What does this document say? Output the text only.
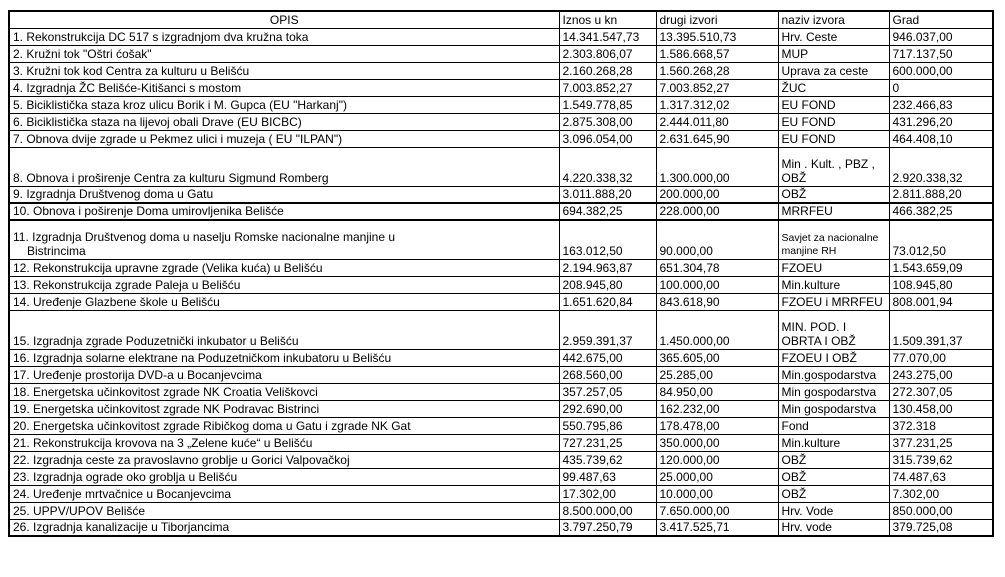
OPIS	Iznos u kn	drugi izvori	naziv izvora	Grad
1. Rekonstrukcija DC 517 s izgradnjom dva kružna toka	14.341.547,73	13.395.510,73	Hrv. Ceste	946.037,00
2. Kružni tok "Oštri ćošak"	2.303.806,07	1.586.668,57	MUP	717.137,50
3. Kružni tok kod Centra za kulturu u Belišću	2.160.268,28	1.560.268,28	Uprava za ceste	600.000,00
4. Izgradnja ŽC Belišće-Kitišanci s mostom	7.003.852,27	7.003.852,27	ŽUC	0
5. Biciklistička staza kroz ulicu Borik i M. Gupca (EU "Harkanj")	1.549.778,85	1.317.312,02	EU FOND	232.466,83
6. Biciklistička staza na lijevoj obali Drave (EU BICBC)	2.875.308,00	2.444.011,80	EU FOND	431.296,20
7. Obnova dvije zgrade u Pekmez ulici i muzeja ( EU "ILPAN")	3.096.054,00	2.631.645,90	EU FOND	464.408,10
8. Obnova i proširenje Centra za kulturu Sigmund Romberg	4.220.338,32	1.300.000,00	Min . Kult. , PBZ , OBŽ	2.920.338,32
9. Izgradnja Društvenog doma u Gatu	3.011.888,20	200.000,00	OBŽ	2.811.888,20
10. Obnova i poširenje Doma umirovljenika Belišće	694.382,25	228.000,00	MRRFEU	466.382,25

11. Izgradnja Društvenog doma u naselju Romske nacionalne manjine u
Bistrincima	163.012,50	90.000,00	Savjet za nacionalne manjine RH	73.012,50
12. Rekonstrukcija upravne zgrade (Velika kuća) u Belišću	2.194.963,87	651.304,78	FZOEU	1.543.659,09
13. Rekonstrukcija zgrade Paleja u Belišću	208.945,80	100.000,00	Min.kulture	108.945,80
14. Uređenje Glazbene škole u Belišću	1.651.620,84	843.618,90	FZOEU i MRRFEU	808.001,94
15. Izgradnja zgrade Poduzetnički inkubator u Belišću	2.959.391,37	1.450.000,00	MIN. POD. I OBRTA I OBŽ	1.509.391,37
16. Izgradnja solarne elektrane na Poduzetničkom inkubatoru u Belišću	442.675,00	365.605,00	FZOEU I OBŽ	77.070,00
17. Uređenje prostorija DVD-a u Bocanjevcima	268.560,00	25.285,00	Min.gospodarstva	243.275,00
18. Energetska učinkovitost zgrade NK Croatia Veliškovci	357.257,05	84.950,00	Min gospodarstva	272.307,05
19. Energetska učinkovitost zgrade NK Podravac Bistrinci	292.690,00	162.232,00	Min gospodarstva	130.458,00
20. Energetska učinkovitost zgrade Ribičkog doma u Gatu i zgrade NK Gat	550.795,86	178.478,00	Fond	372.318
21. Rekonstrukcija krovova na 3 „Zelene kuće“ u Belišću	727.231,25	350.000,00	Min.kulture	377.231,25
22. Izgradnja ceste za pravoslavno groblje u Gorici Valpovačkoj	435.739,62	120.000,00	OBŽ	315.739,62
23. Izgradnja ograde oko groblja u Belišću	99.487,63	25.000,00	OBŽ	74.487,63
24. Uređenje mrtvačnice u Bocanjevcima	17.302,00	10.000,00	OBŽ	7.302,00
25. UPPV/UPOV Belišće	8.500.000,00	7.650.000,00	Hrv. Vode	850.000,00
26. Izgradnja kanalizacije u Tiborjancima	3.797.250,79	3.417.525,71	Hrv. vode	379.725,08
